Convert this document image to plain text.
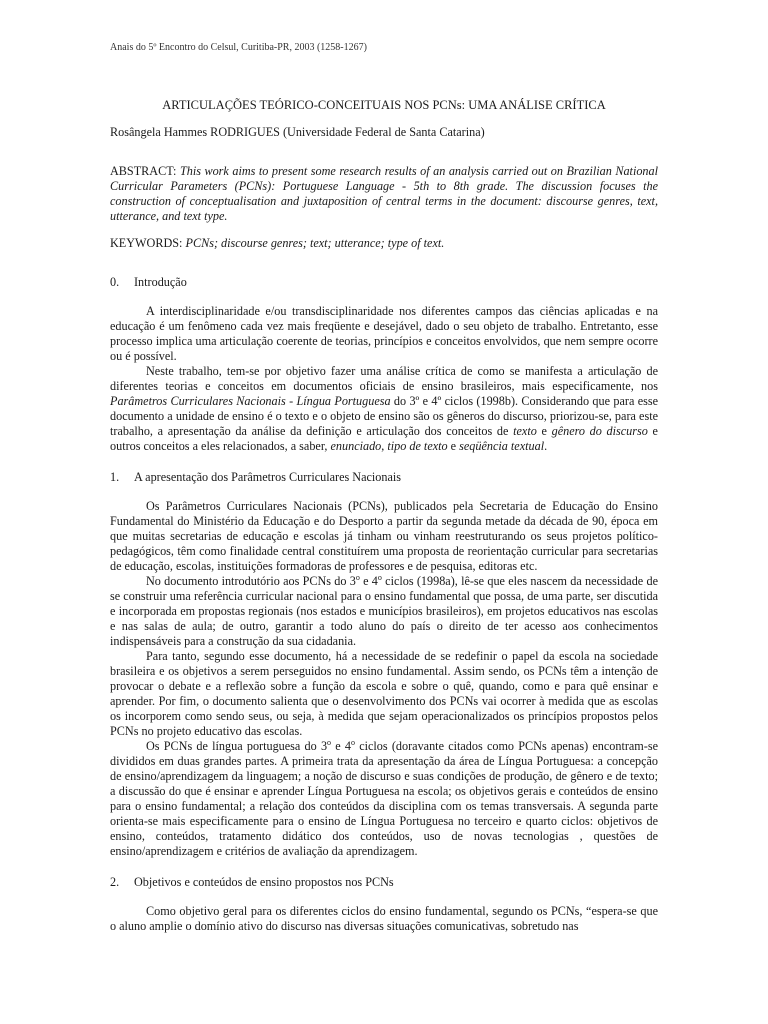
Anais do 5º Encontro do Celsul, Curitiba-PR, 2003 (1258-1267)

ARTICULAÇÕES TEÓRICO-CONCEITUAIS NOS PCNs: UMA ANÁLISE CRÍTICA

Rosângela Hammes RODRIGUES (Universidade Federal de Santa Catarina)

ABSTRACT: This work aims to present some research results of an analysis carried out on Brazilian National Curricular Parameters (PCNs): Portuguese Language - 5th to 8th grade. The discussion focuses the construction of conceptualisation and juxtaposition of central terms in the document: discourse genres, text, utterance, and text type.

KEYWORDS: PCNs; discourse genres; text; utterance; type of text.

0.	Introdução

A interdisciplinaridade e/ou transdisciplinaridade nos diferentes campos das ciências aplicadas e na educação é um fenômeno cada vez mais freqüente e desejável, dado o seu objeto de trabalho. Entretanto, esse processo implica uma articulação coerente de teorias, princípios e conceitos envolvidos, que nem sempre ocorre ou é possível.

Neste trabalho, tem-se por objetivo fazer uma análise crítica de como se manifesta a articulação de diferentes teorias e conceitos em documentos oficiais de ensino brasileiros, mais especificamente, nos Parâmetros Curriculares Nacionais - Língua Portuguesa do 3º e 4º ciclos (1998b). Considerando que para esse documento a unidade de ensino é o texto e o objeto de ensino são os gêneros do discurso, priorizou-se, para este trabalho, a apresentação da análise da definição e articulação dos conceitos de texto e gênero do discurso e outros conceitos a eles relacionados, a saber, enunciado, tipo de texto e seqüência textual.

1.	A apresentação dos Parâmetros Curriculares Nacionais

Os Parâmetros Curriculares Nacionais (PCNs), publicados pela Secretaria de Educação do Ensino Fundamental do Ministério da Educação e do Desporto a partir da segunda metade da década de 90, época em que muitas secretarias de educação e escolas já tinham ou vinham reestruturando os seus projetos político-pedagógicos, têm como finalidade central constituírem uma proposta de reorientação curricular para secretarias de educação, escolas, instituições formadoras de professores e de pesquisa, editoras etc.

No documento introdutório aos PCNs do 3$^o$ e 4$^o$ ciclos (1998a), lê-se que eles nascem da necessidade de se construir uma referência curricular nacional para o ensino fundamental que possa, de uma parte, ser discutida e incorporada em propostas regionais (nos estados e municípios brasileiros), em projetos educativos nas escolas e nas salas de aula; de outro, garantir a todo aluno do país o direito de ter acesso aos conhecimentos indispensáveis para a construção da sua cidadania.

Para tanto, segundo esse documento, há a necessidade de se redefinir o papel da escola na sociedade brasileira e os objetivos a serem perseguidos no ensino fundamental. Assim sendo, os PCNs têm a intenção de provocar o debate e a reflexão sobre a função da escola e sobre o quê, quando, como e para quê ensinar e aprender. Por fim, o documento salienta que o desenvolvimento dos PCNs vai ocorrer à medida que as escolas os incorporem como sendo seus, ou seja, à medida que sejam operacionalizados os princípios propostos pelos PCNs no projeto educativo das escolas.

Os PCNs de língua portuguesa do 3$^o$ e 4$^o$ ciclos (doravante citados como PCNs apenas) encontram-se divididos em duas grandes partes. A primeira trata da apresentação da área de Língua Portuguesa: a concepção de ensino/aprendizagem da linguagem; a noção de discurso e suas condições de produção, de gênero e de texto; a discussão do que é ensinar e aprender Língua Portuguesa na escola; os objetivos gerais e conteúdos de ensino para o ensino fundamental; a relação dos conteúdos da disciplina com os temas transversais. A segunda parte orienta-se mais especificamente para o ensino de Língua Portuguesa no terceiro e quarto ciclos: objetivos de ensino, conteúdos, tratamento didático dos conteúdos, uso de novas tecnologias , questões de ensino/aprendizagem e critérios de avaliação da aprendizagem.

2.	Objetivos e conteúdos de ensino propostos nos PCNs

Como objetivo geral para os diferentes ciclos do ensino fundamental, segundo os PCNs, “espera-se que o aluno amplie o domínio ativo do discurso nas diversas situações comunicativas, sobretudo nas
